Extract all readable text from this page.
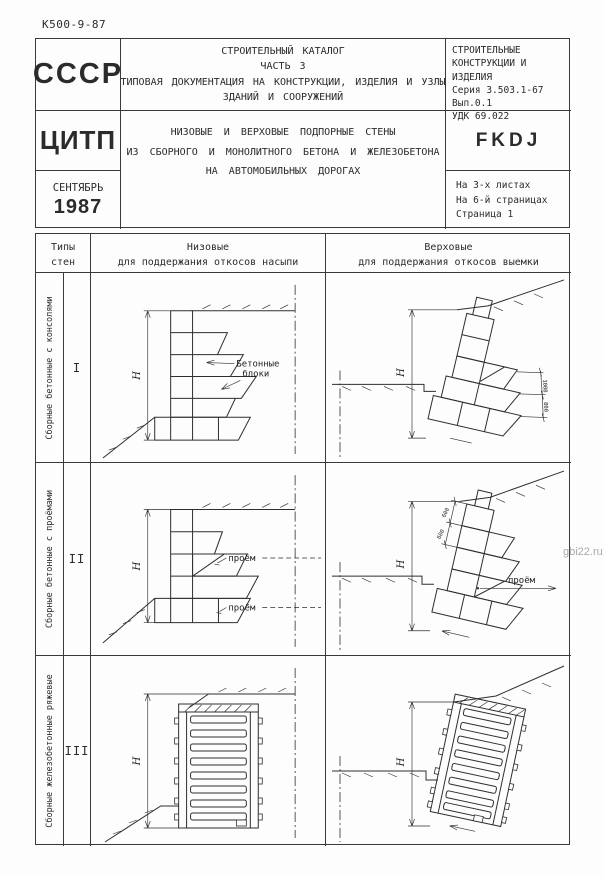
К500-9-87
СССР
СТРОИТЕЛЬНЫЙ КАТАЛОГ
ЧАСТЬ 3
ТИПОВАЯ ДОКУМЕНТАЦИЯ НА КОНСТРУКЦИИ, ИЗДЕЛИЯ И УЗЛЫ
ЗДАНИЙ И СООРУЖЕНИЙ
СТРОИТЕЛЬНЫЕ
КОНСТРУКЦИИ И
ИЗДЕЛИЯ
Серия 3.503.1-67
Вып.0.1
УДК 69.022
ЦИТП
СЕНТЯБРЬ
1987
НИЗОВЫЕ И ВЕРХОВЫЕ ПОДПОРНЫЕ СТЕНЫ
ИЗ СБОРНОГО И МОНОЛИТНОГО БЕТОНА И ЖЕЛЕЗОБЕТОНА
НА АВТОМОБИЛЬНЫХ ДОРОГАХ
FKDJ
На 3-х листах
На 6-й страницах
Страница 1
Типы
стен
Низовые
для поддержания откосов насыпи
Верховые
для поддержания откосов выемки
Сборные бетонные с консолями I
Н
Бетонные
блоки
1000
800
Н
Сборные бетонные с проёмами II
Н
проём
проём
600
600
проём
Н
Сборные железобетонные ряжевые III
Н	Н
gbi22.ru
